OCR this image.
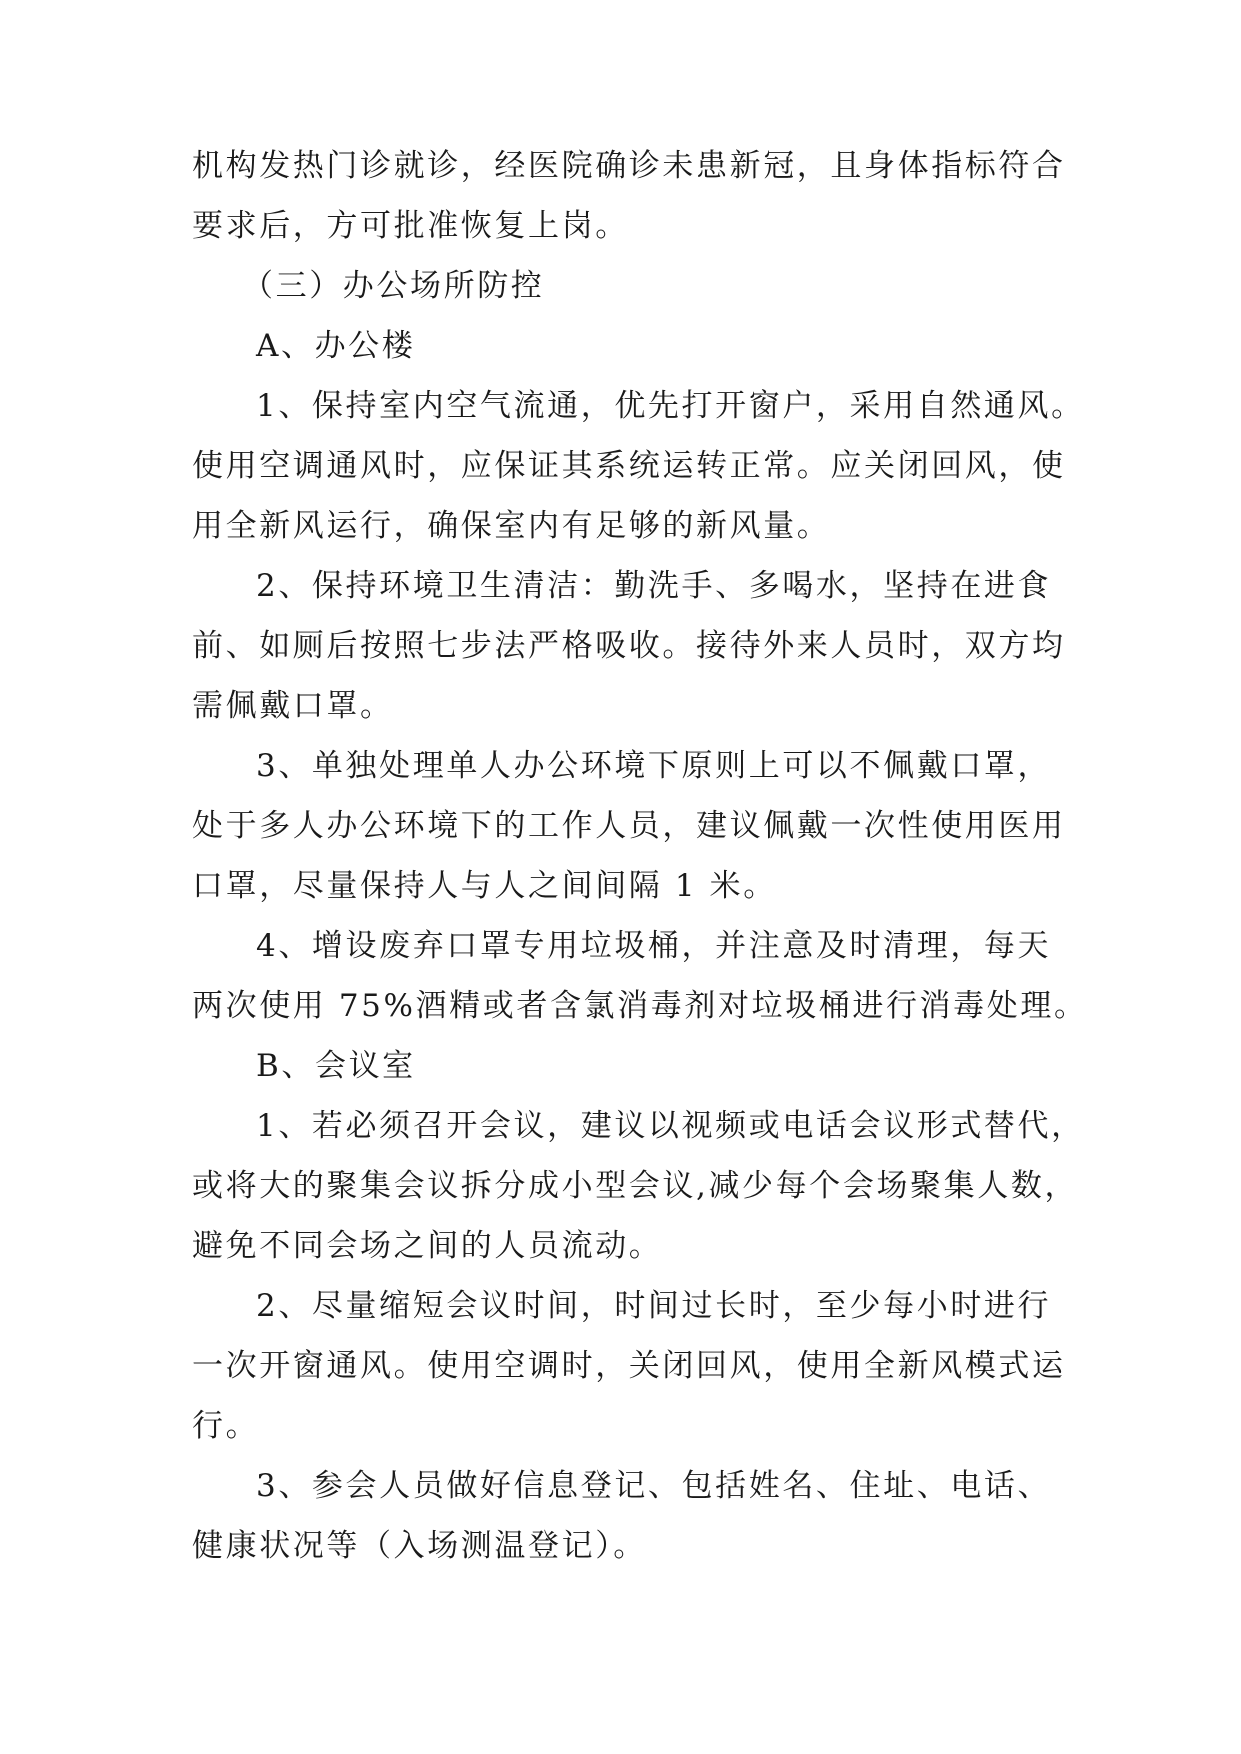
机构发热门诊就诊，经医院确诊未患新冠，且身体指标符合
要求后，方可批准恢复上岗。
（三）办公场所防控
A、办公楼
1、保持室内空气流通，优先打开窗户，采用自然通风。
使用空调通风时，应保证其系统运转正常。应关闭回风，使
用全新风运行，确保室内有足够的新风量。
2、保持环境卫生清洁：勤洗手、多喝水，坚持在进食
前、如厕后按照七步法严格吸收。接待外来人员时，双方均
需佩戴口罩。
3、单独处理单人办公环境下原则上可以不佩戴口罩，
处于多人办公环境下的工作人员，建议佩戴一次性使用医用
口罩，尽量保持人与人之间间隔 1 米。
4、增设废弃口罩专用垃圾桶，并注意及时清理，每天
两次使用 75%酒精或者含氯消毒剂对垃圾桶进行消毒处理。
B、会议室
1、若必须召开会议，建议以视频或电话会议形式替代，
或将大的聚集会议拆分成小型会议,减少每个会场聚集人数，
避免不同会场之间的人员流动。
2、尽量缩短会议时间，时间过长时，至少每小时进行
一次开窗通风。使用空调时，关闭回风，使用全新风模式运
行。
3、参会人员做好信息登记、包括姓名、住址、电话、
健康状况等（入场测温登记）。
